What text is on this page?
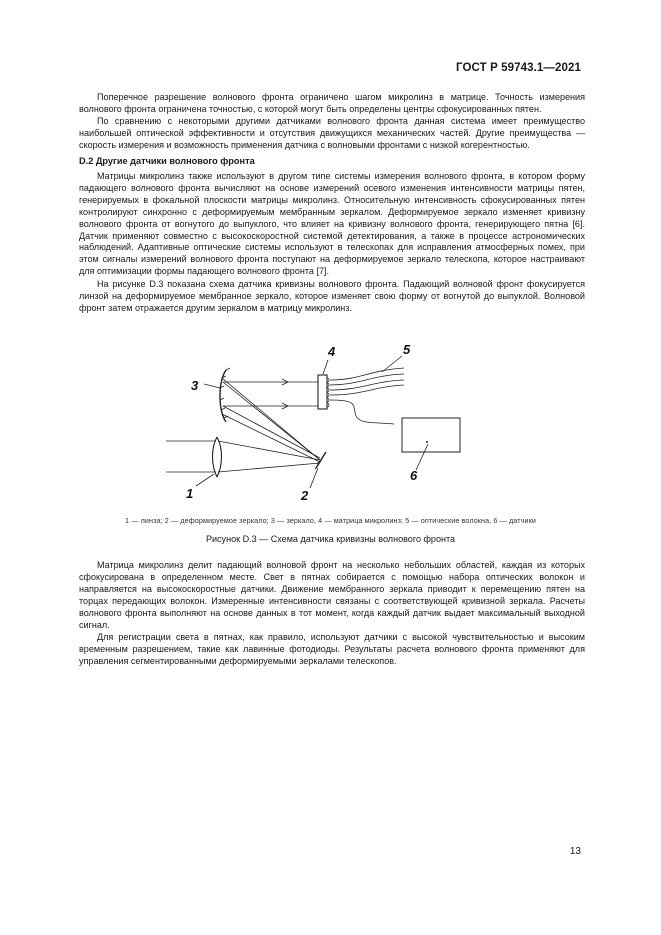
ГОСТ Р 59743.1—2021

Поперечное разрешение волнового фронта ограничено шагом микролинз в матрице. Точность измерения волнового фронта ограничена точностью, с которой могут быть определены центры сфокусированных пятен.

По сравнению с некоторыми другими датчиками волнового фронта данная система имеет преимущество наибольшей оптической эффективности и отсутствия движущихся механических частей. Другие преимущества — скорость измерения и возможность применения датчика с волновыми фронтами с низкой когерентностью.

D.2 Другие датчики волнового фронта

Матрицы микролинз также используют в другом типе системы измерения волнового фронта, в котором форму падающего волнового фронта вычисляют на основе измерений осевого изменения интенсивности матрицы пятен, генерируемых в фокальной плоскости матрицы микролинз. Относительную интенсивность сфокусированных пятен контролируют синхронно с деформируемым мембранным зеркалом. Деформируемое зеркало изменяет кривизну волнового фронта от вогнутого до выпуклого, что влияет на кривизну волнового фронта, генерирующего пятна [6]. Датчик применяют совместно с высокоскоростной системой детектирования, а также в процессе астрономических наблюдений. Адаптивные оптические системы используют в телескопах для исправления атмосферных помех, при этом сигналы измерений волнового фронта поступают на деформируемое зеркало телескопа, которое настраивают для оптимизации формы падающего волнового фронта [7].

На рисунке D.3 показана схема датчика кривизны волнового фронта. Падающий волновой фронт фокусируется линзой на деформируемое мембранное зеркало, которое изменяет свою форму от вогнутой до выпуклой. Волновой фронт затем отражается другим зеркалом в матрицу микролинз.

4	5
3
1	2
6
1 — линза; 2 — деформируемое зеркало; 3 — зеркало, 4 — матрица микролинз; 5 — оптические волокна, 6 — датчики
Рисунок D.3 — Схема датчика кривизны волнового фронта

Матрица микролинз делит падающий волновой фронт на несколько небольших областей, каждая из которых сфокусирована в определенном месте. Свет в пятнах собирается с помощью набора оптических волокон и направляется на высокоскоростные датчики. Движение мембранного зеркала приводит к перемещению пятен на торцах передающих волокон. Измеренные интенсивности связаны с соответствующей кривизной зеркала. Расчеты волнового фронта выполняют на основе данных в тот момент, когда каждый датчик выдает максимальный выходной сигнал.

Для регистрации света в пятнах, как правило, используют датчики с высокой чувствительностью и высоким временным разрешением, такие как лавинные фотодиоды. Результаты расчета волнового фронта применяют для управления сегментированными деформируемыми зеркалами телескопов.

13
